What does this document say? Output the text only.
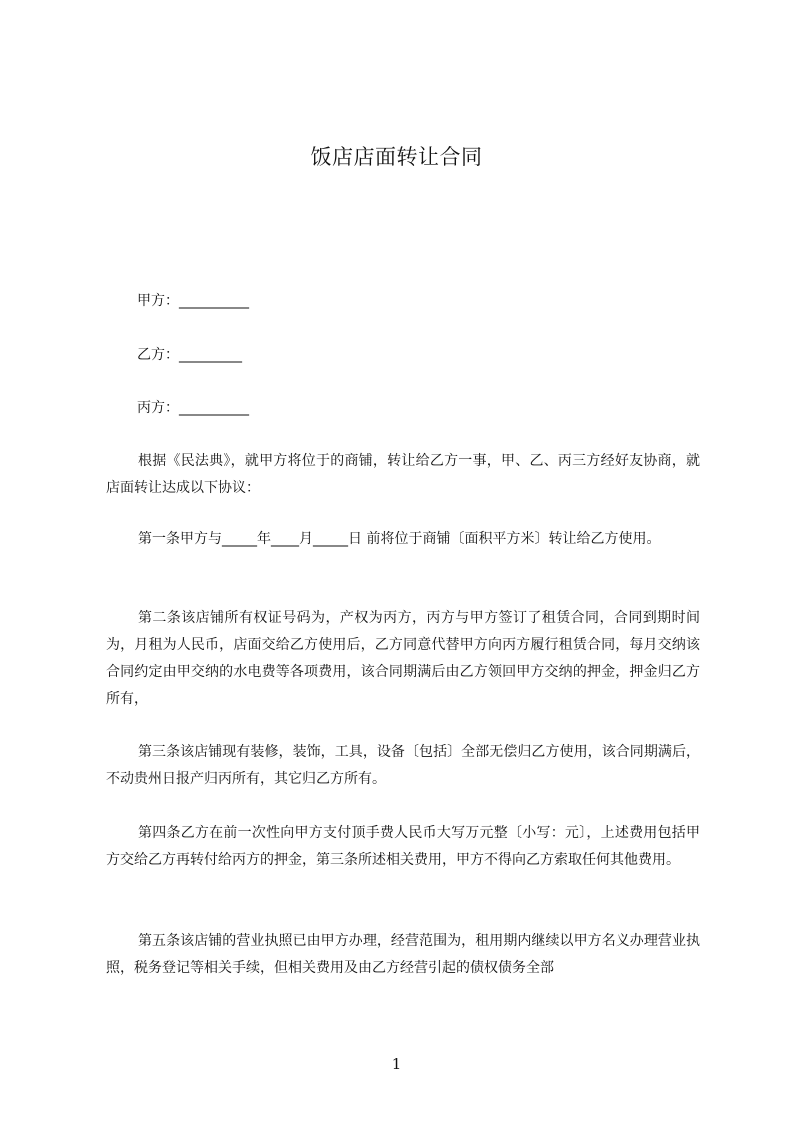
饭店店面转让合同
甲方：__________
乙方：_________
丙方：__________
根据《民法典》，就甲方将位于的商铺，转让给乙方一事，甲、乙、丙三方经好友协商，就店面转让达成以下协议：
第一条甲方与_____年____月_____日 前将位于商铺〔面积平方米〕转让给乙方使用。
第二条该店铺所有权证号码为，产权为丙方，丙方与甲方签订了租赁合同，合同到期时间为，月租为人民币，店面交给乙方使用后，乙方同意代替甲方向丙方履行租赁合同，每月交纳该合同约定由甲交纳的水电费等各项费用，该合同期满后由乙方领回甲方交纳的押金，押金归乙方所有，
第三条该店铺现有装修，装饰，工具，设备〔包括〕全部无偿归乙方使用，该合同期满后，不动贵州日报产归丙所有，其它归乙方所有。
第四条乙方在前一次性向甲方支付顶手费人民币大写万元整〔小写：元〕，上述费用包括甲方交给乙方再转付给丙方的押金，第三条所述相关费用，甲方不得向乙方索取任何其他费用。
第五条该店铺的营业执照已由甲方办理，经营范围为，租用期内继续以甲方名义办理营业执照，税务登记等相关手续，但相关费用及由乙方经营引起的债权债务全部
1
